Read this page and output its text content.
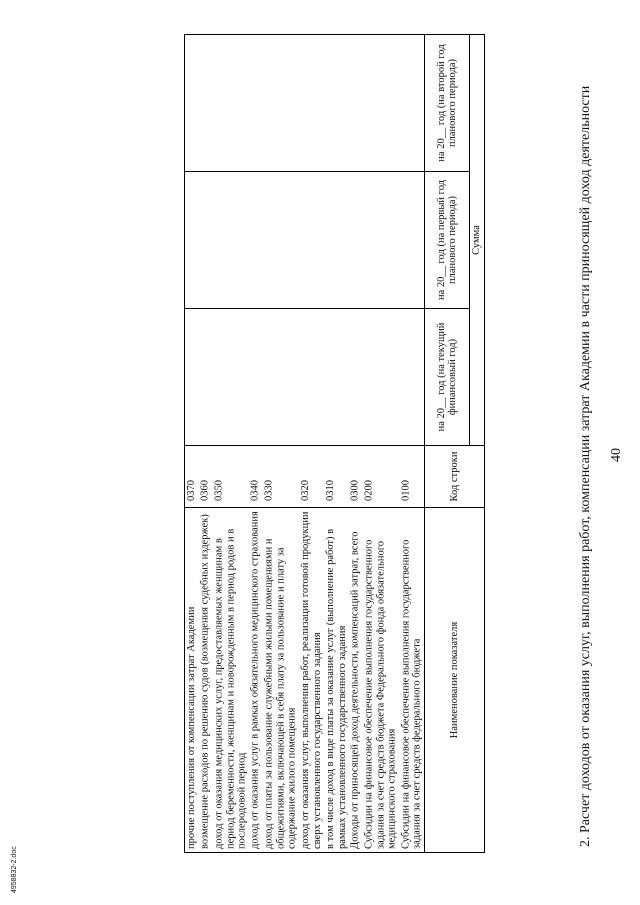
40
2. Расчет доходов от оказания услуг, выполнения работ, компенсации затрат Академии в части приносящей доход деятельности
4958832-2.doc
Наименование показателя	Код строки	Сумма		
		на 20__ год (на текущий финансовый год)	на 20__ год (на первый год планового периода)	на 20__ год (на второй год планового периода)
Субсидии на финансовое обеспечение выполнения государственного задания за счет средств федерального бюджета	0100			
Субсидии на финансовое обеспечение выполнения государственного задания за счет средств бюджета Федерального фонда обязательного медицинского страхования	0200			
Доходы от приносящей доход деятельности, компенсаций затрат, всего	0300			
в том числе доход в виде платы за оказание услуг (выполнение работ) в рамках установленного государственного задания	0310			
доход от оказания услуг, выполнения работ, реализации готовой продукции сверх установленного государственного задания	0320			
доход от платы за пользование служебными жилыми помещениями и общежитиями, включающей в себя плату за пользование и плату за содержание жилого помещения	0330			
доход от оказания услуг в рамках обязательного медицинского страхования	0340			
доход от оказания медицинских услуг, предоставляемых женщинам в период беременности, женщинам и новорожденным в период родов и в послеродовой период	0350			
возмещение расходов по решению судов (возмещения судебных издержек)	0360			
прочие поступления от компенсации затрат Академии	0370			
